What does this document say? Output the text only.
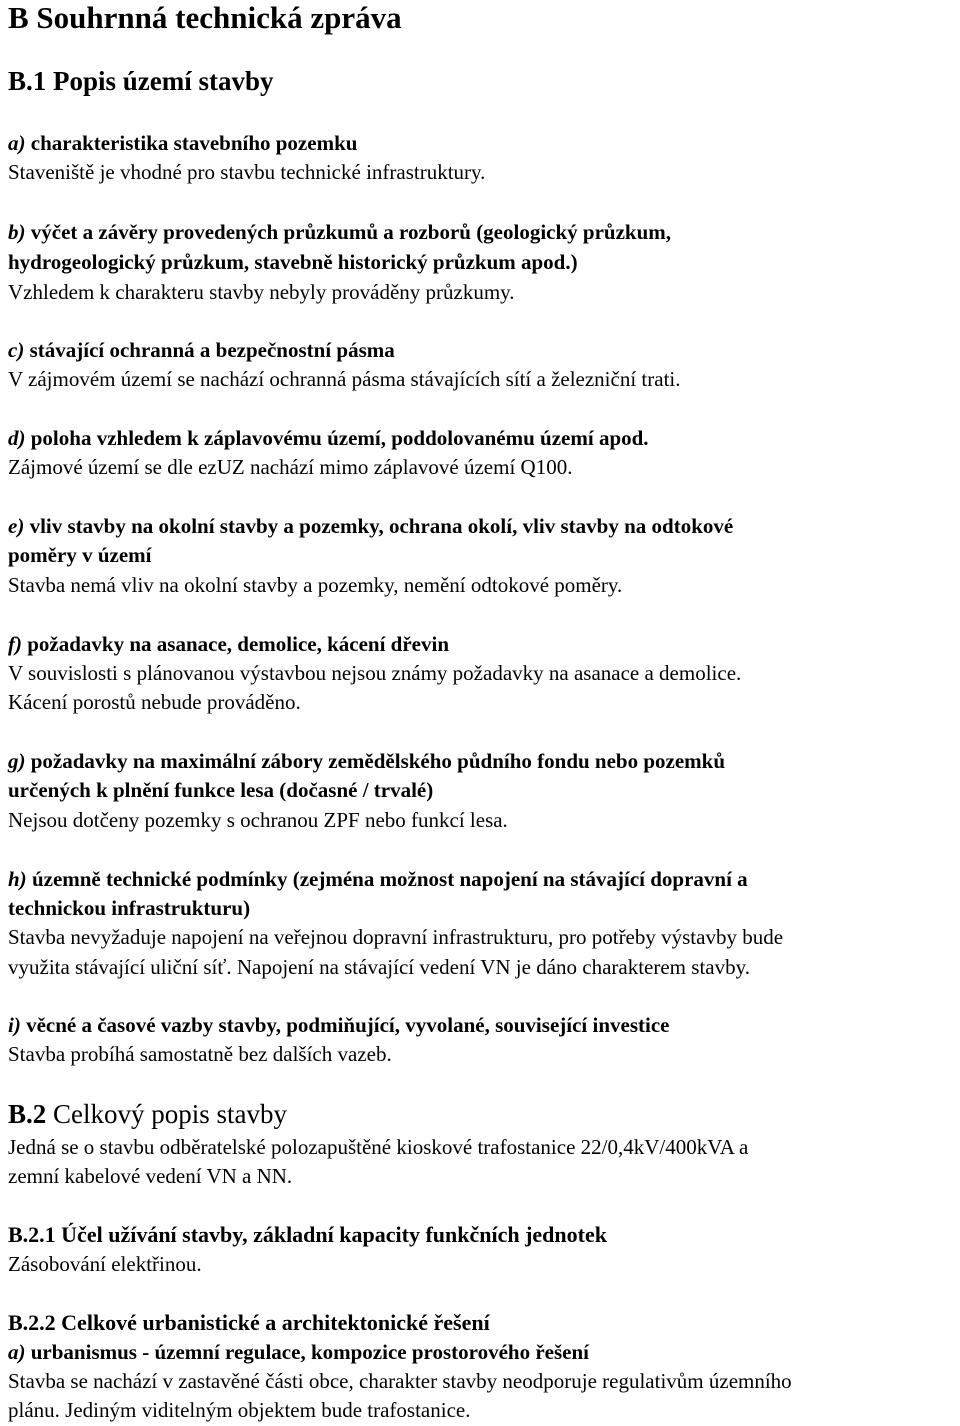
B Souhrnná technická zpráva
B.1 Popis území stavby
a) charakteristika stavebního pozemku
Staveniště je vhodné pro stavbu technické infrastruktury.
b) výčet a závěry provedených průzkumů a rozborů (geologický průzkum,
hydrogeologický průzkum, stavebně historický průzkum apod.)
Vzhledem k charakteru stavby nebyly prováděny průzkumy.
c) stávající ochranná a bezpečnostní pásma
V zájmovém území se nachází ochranná pásma stávajících sítí a železniční trati.
d) poloha vzhledem k záplavovému území, poddolovanému území apod.
Zájmové území se dle ezUZ nachází mimo záplavové území Q100.
e) vliv stavby na okolní stavby a pozemky, ochrana okolí, vliv stavby na odtokové
poměry v území
Stavba nemá vliv na okolní stavby a pozemky, nemění odtokové poměry.
f) požadavky na asanace, demolice, kácení dřevin
V souvislosti s plánovanou výstavbou nejsou známy požadavky na asanace a demolice.
Kácení porostů nebude prováděno.
g) požadavky na maximální zábory zemědělského půdního fondu nebo pozemků
určených k plnění funkce lesa (dočasné / trvalé)
Nejsou dotčeny pozemky s ochranou ZPF nebo funkcí lesa.
h) územně technické podmínky (zejména možnost napojení na stávající dopravní a
technickou infrastrukturu)
Stavba nevyžaduje napojení na veřejnou dopravní infrastrukturu, pro potřeby výstavby bude
využita stávající uliční síť. Napojení na stávající vedení VN je dáno charakterem stavby.
i) věcné a časové vazby stavby, podmiňující, vyvolané, související investice
Stavba probíhá samostatně bez dalších vazeb.
B.2 Celkový popis stavby
Jedná se o stavbu odběratelské polozapuštěné kioskové trafostanice 22/0,4kV/400kVA a
zemní kabelové vedení VN a NN.
B.2.1 Účel užívání stavby, základní kapacity funkčních jednotek
Zásobování elektřinou.
B.2.2 Celkové urbanistické a architektonické řešení
a) urbanismus - územní regulace, kompozice prostorového řešení
Stavba se nachází v zastavěné části obce, charakter stavby neodporuje regulativům územního
plánu. Jediným viditelným objektem bude trafostanice.
